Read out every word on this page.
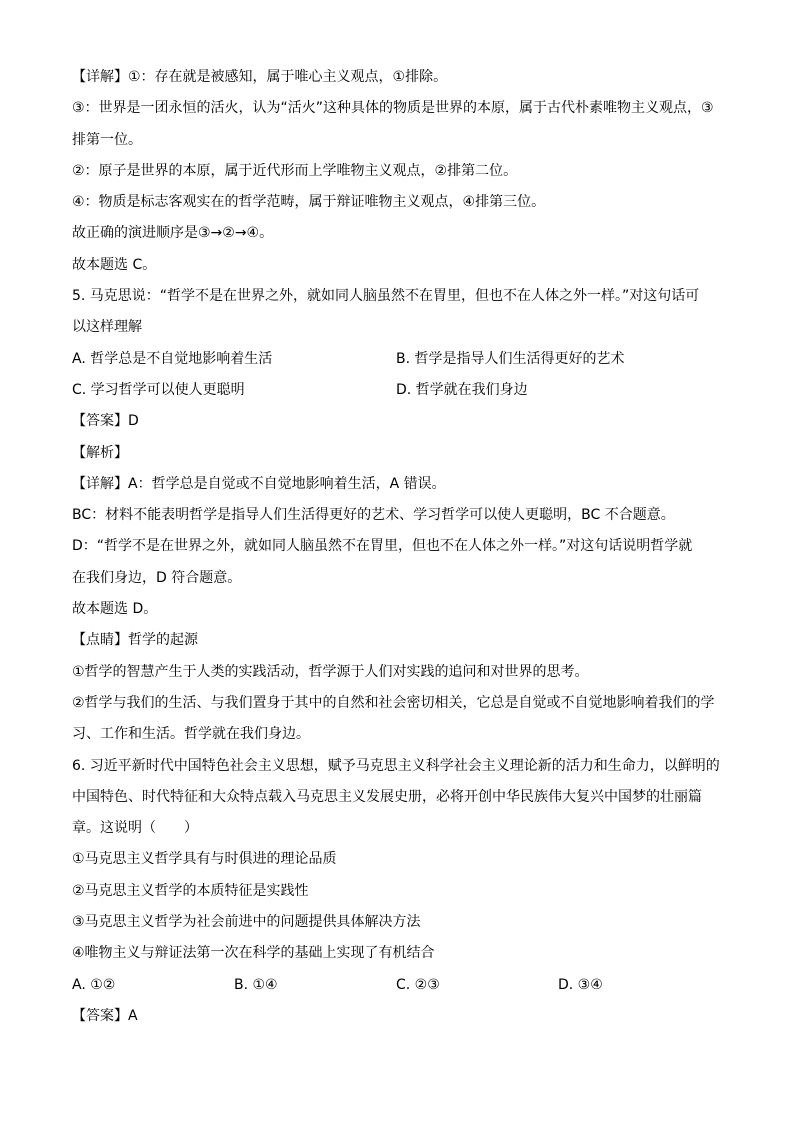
【详解】①：存在就是被感知，属于唯心主义观点，①排除。
③：世界是一团永恒的活火，认为“活火”这种具体的物质是世界的本原，属于古代朴素唯物主义观点，③
排第一位。
②：原子是世界的本原，属于近代形而上学唯物主义观点，②排第二位。
④：物质是标志客观实在的哲学范畴，属于辩证唯物主义观点，④排第三位。
故正确的演进顺序是③→②→④。
故本题选 C。
5. 马克思说：“哲学不是在世界之外，就如同人脑虽然不在胃里，但也不在人体之外一样。”对这句话可
以这样理解
A. 哲学总是不自觉地影响着生活	B. 哲学是指导人们生活得更好的艺术
C. 学习哲学可以使人更聪明	D. 哲学就在我们身边
【答案】D
【解析】
【详解】A：哲学总是自觉或不自觉地影响着生活，A 错误。
BC：材料不能表明哲学是指导人们生活得更好的艺术、学习哲学可以使人更聪明，BC 不合题意。
D：“哲学不是在世界之外，就如同人脑虽然不在胃里，但也不在人体之外一样。”对这句话说明哲学就
在我们身边，D 符合题意。
故本题选 D。
【点睛】哲学的起源
①哲学的智慧产生于人类的实践活动，哲学源于人们对实践的追问和对世界的思考。
②哲学与我们的生活、与我们置身于其中的自然和社会密切相关，它总是自觉或不自觉地影响着我们的学
习、工作和生活。哲学就在我们身边。
6. 习近平新时代中国特色社会主义思想，赋予马克思主义科学社会主义理论新的活力和生命力，以鲜明的
中国特色、时代特征和大众特点载入马克思主义发展史册，必将开创中华民族伟大复兴中国梦的壮丽篇
章。这说明（　　）
①马克思主义哲学具有与时俱进的理论品质
②马克思主义哲学的本质特征是实践性
③马克思主义哲学为社会前进中的问题提供具体解决方法
④唯物主义与辩证法第一次在科学的基础上实现了有机结合
A. ①②	B. ①④	C. ②③	D. ③④
【答案】A
